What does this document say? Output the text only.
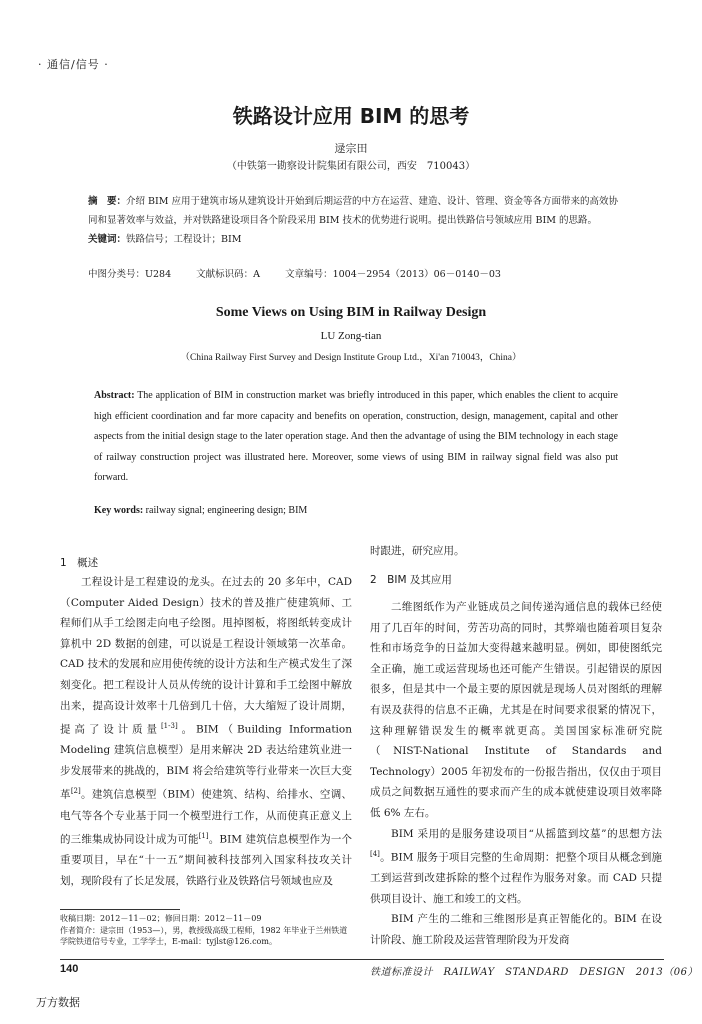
· 通信/信号 ·
铁路设计应用 BIM 的思考
逯宗田
（中铁第一勘察设计院集团有限公司，西安　710043）
摘　要：介绍 BIM 应用于建筑市场从建筑设计开始到后期运营的中方在运营、建造、设计、管理、资金等各方面带来的高效协同和显著效率与效益，并对铁路建设项目各个阶段采用 BIM 技术的优势进行说明。提出铁路信号领域应用 BIM 的思路。
关键词：铁路信号；工程设计；BIM
中图分类号：U284	文献标识码：A	文章编号：1004－2954（2013）06－0140－03
Some Views on Using BIM in Railway Design
LU Zong-tian
（China Railway First Survey and Design Institute Group Ltd.，Xi'an 710043，China）
Abstract: The application of BIM in construction market was briefly introduced in this paper, which enables the client to acquire high efficient coordination and far more capacity and benefits on operation, construction, design, management, capital and other aspects from the initial design stage to the later operation stage. And then the advantage of using the BIM technology in each stage of railway construction project was illustrated here. Moreover, some views of using BIM in railway signal field was also put forward.
Key words: railway signal; engineering design; BIM
1　概述

工程设计是工程建设的龙头。在过去的 20 多年中，CAD（Computer Aided Design）技术的普及推广使建筑师、工程师们从手工绘图走向电子绘图。甩掉图板，将图纸转变成计算机中 2D 数据的创建，可以说是工程设计领域第一次革命。CAD 技术的发展和应用使传统的设计方法和生产模式发生了深刻变化。把工程设计人员从传统的设计计算和手工绘图中解放出来，提高设计效率十几倍到几十倍，大大缩短了设计周期，提高了设计质量[1-3]。BIM（Building Information Modeling 建筑信息模型）是用来解决 2D 表达给建筑业进一步发展带来的挑战的，BIM 将会给建筑等行业带来一次巨大变革[2]。建筑信息模型（BIM）使建筑、结构、给排水、空调、电气等各个专业基于同一个模型进行工作，从而使真正意义上的三维集成协同设计成为可能[1]。BIM 建筑信息模型作为一个重要项目，早在“十一五”期间被科技部列入国家科技攻关计划，现阶段有了长足发展，铁路行业及铁路信号领域也应及

时跟进，研究应用。
2　BIM 及其应用

二维图纸作为产业链成员之间传递沟通信息的载体已经使用了几百年的时间，劳苦功高的同时，其弊端也随着项目复杂性和市场竞争的日益加大变得越来越明显。例如，即使图纸完全正确，施工或运营现场也还可能产生错误。引起错误的原因很多，但是其中一个最主要的原因就是现场人员对图纸的理解有误及获得的信息不正确，尤其是在时间要求很紧的情况下，这种理解错误发生的概率就更高。美国国家标准研究院（NIST-National Institute of Standards and Technology）2005 年初发布的一份报告指出，仅仅由于项目成员之间数据互通性的要求而产生的成本就使建设项目效率降低 6% 左右。

BIM 采用的是服务建设项目“从摇篮到坟墓”的思想方法[4]。BIM 服务于项目完整的生命周期：把整个项目从概念到施工到运营到改建拆除的整个过程作为服务对象。而 CAD 只提供项目设计、施工和竣工的文档。

BIM 产生的二维和三维图形是真正智能化的。BIM 在设计阶段、施工阶段及运营管理阶段为开发商

收稿日期：2012－11－02；修回日期：2012－11－09
作者简介：逯宗田（1953—），男，教授级高级工程师，1982 年毕业于兰州铁道学院铁道信号专业，工学学士，E-mail：tyjlst@126.com。
140	铁道标准设计　RAILWAY　STANDARD　DESIGN　2013（06）
万方数据
